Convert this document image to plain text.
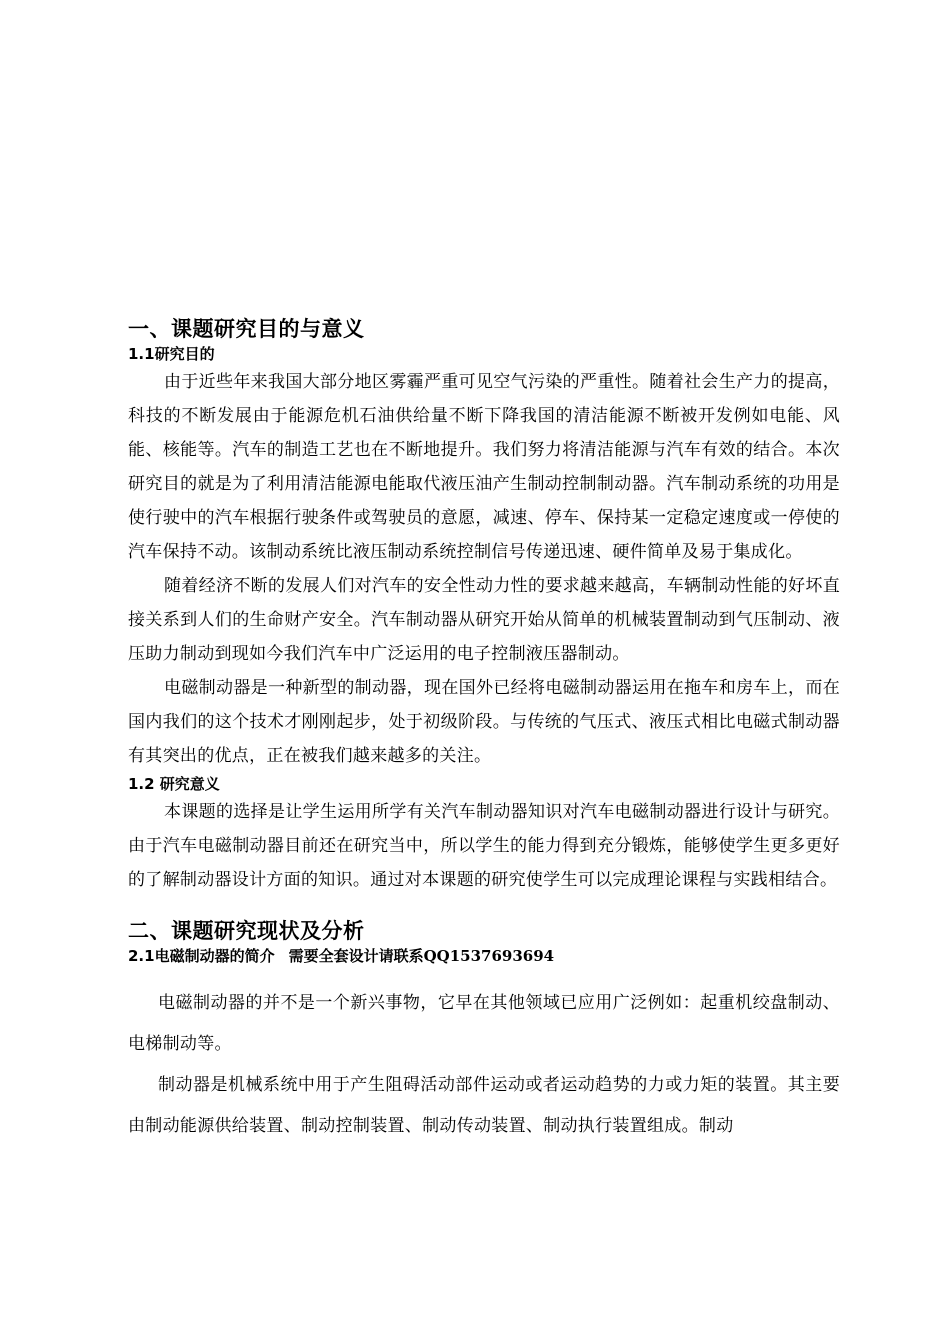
一、课题研究目的与意义
1.1研究目的

由于近些年来我国大部分地区雾霾严重可见空气污染的严重性。随着社会生产力的提高，科技的不断发展由于能源危机石油供给量不断下降我国的清洁能源不断被开发例如电能、风能、核能等。汽车的制造工艺也在不断地提升。我们努力将清洁能源与汽车有效的结合。本次研究目的就是为了利用清洁能源电能取代液压油产生制动控制制动器。汽车制动系统的功用是使行驶中的汽车根据行驶条件或驾驶员的意愿，减速、停车、保持某一定稳定速度或一停使的汽车保持不动。该制动系统比液压制动系统控制信号传递迅速、硬件简单及易于集成化。

随着经济不断的发展人们对汽车的安全性动力性的要求越来越高，车辆制动性能的好坏直接关系到人们的生命财产安全。汽车制动器从研究开始从简单的机械装置制动到气压制动、液压助力制动到现如今我们汽车中广泛运用的电子控制液压器制动。

电磁制动器是一种新型的制动器，现在国外已经将电磁制动器运用在拖车和房车上，而在国内我们的这个技术才刚刚起步，处于初级阶段。与传统的气压式、液压式相比电磁式制动器有其突出的优点，正在被我们越来越多的关注。

1.2 研究意义

本课题的选择是让学生运用所学有关汽车制动器知识对汽车电磁制动器进行设计与研究。由于汽车电磁制动器目前还在研究当中，所以学生的能力得到充分锻炼，能够使学生更多更好的了解制动器设计方面的知识。通过对本课题的研究使学生可以完成理论课程与实践相结合。

二、课题研究现状及分析
2.1电磁制动器的简介 需要全套设计请联系QQ1537693694

电磁制动器的并不是一个新兴事物，它早在其他领域已应用广泛例如：起重机绞盘制动、电梯制动等。

制动器是机械系统中用于产生阻碍活动部件运动或者运动趋势的力或力矩的装置。其主要由制动能源供给装置、制动控制装置、制动传动装置、制动执行装置组成。制动
